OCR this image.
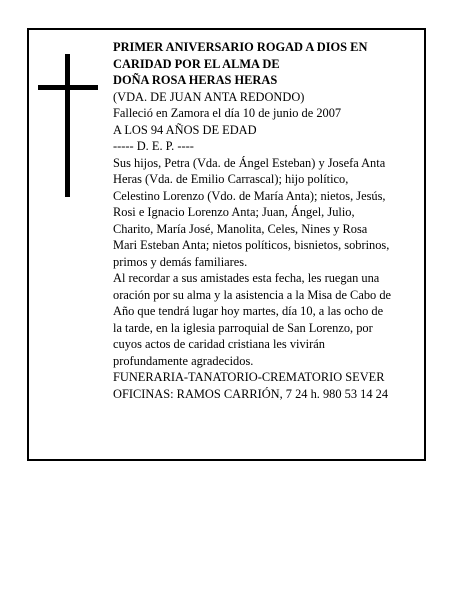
PRIMER ANIVERSARIO ROGAD A DIOS EN
CARIDAD POR EL ALMA DE
DOÑA ROSA HERAS HERAS
(VDA. DE JUAN ANTA REDONDO)
Falleció en Zamora el día 10 de junio de 2007
A LOS 94 AÑOS DE EDAD
----- D. E. P. ----
Sus hijos, Petra (Vda. de Ángel Esteban) y Josefa Anta
Heras (Vda. de Emilio Carrascal); hijo político,
Celestino Lorenzo (Vdo. de María Anta); nietos, Jesús,
Rosi e Ignacio Lorenzo Anta; Juan, Ángel, Julio,
Charito, María José, Manolita, Celes, Nines y Rosa
Mari Esteban Anta; nietos políticos, bisnietos, sobrinos,
primos y demás familiares.
Al recordar a sus amistades esta fecha, les ruegan una
oración por su alma y la asistencia a la Misa de Cabo de
Año que tendrá lugar hoy martes, día 10, a las ocho de
la tarde, en la iglesia parroquial de San Lorenzo, por
cuyos actos de caridad cristiana les vivirán
profundamente agradecidos.
FUNERARIA-TANATORIO-CREMATORIO SEVER
OFICINAS: RAMOS CARRIÓN, 7 24 h. 980 53 14 24
